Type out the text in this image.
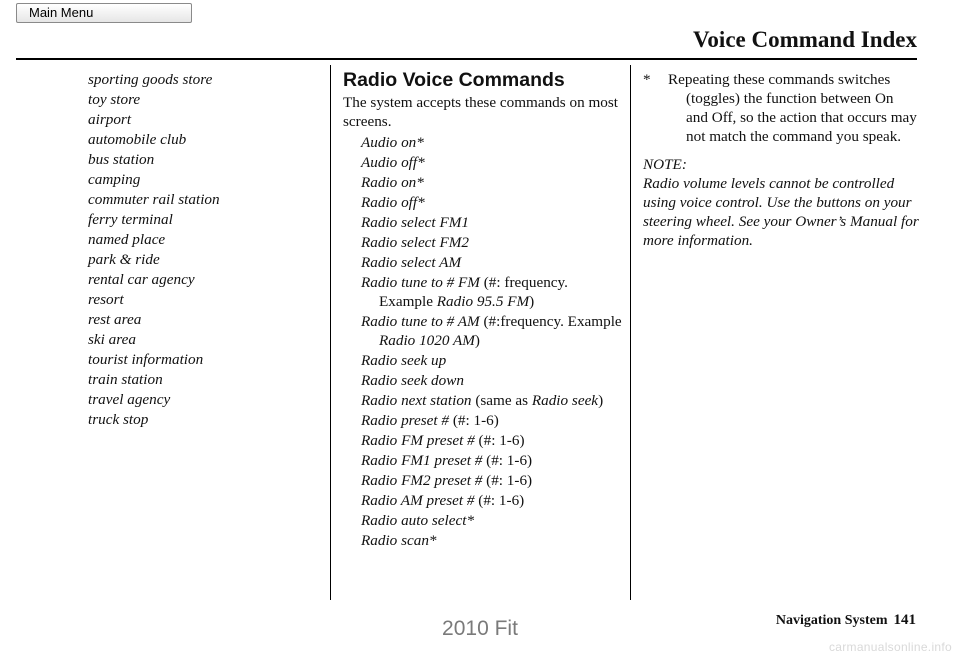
Main Menu
Voice Command Index
sporting goods store
toy store
airport
automobile club
bus station
camping
commuter rail station
ferry terminal
named place
park & ride
rental car agency
resort
rest area
ski area
tourist information
train station
travel agency
truck stop
Radio Voice Commands
The system accepts these commands on most screens.
Audio on*
Audio off*
Radio on*
Radio off*
Radio select FM1
Radio select FM2
Radio select AM
Radio tune to # FM (#: frequency. Example Radio 95.5 FM)
Radio tune to # AM (#:frequency. Example Radio 1020 AM)
Radio seek up
Radio seek down
Radio next station (same as Radio seek)
Radio preset # (#: 1-6)
Radio FM preset # (#: 1-6)
Radio FM1 preset # (#: 1-6)
Radio FM2 preset # (#: 1-6)
Radio AM preset # (#: 1-6)
Radio auto select*
Radio scan*
*	Repeating these commands switches (toggles) the function between On and Off, so the action that occurs may not match the command you speak.
NOTE:
Radio volume levels cannot be controlled using voice control. Use the buttons on your steering wheel. See your Owner’s Manual for more information.
Navigation System 141
2010 Fit
carmanualsonline.info
